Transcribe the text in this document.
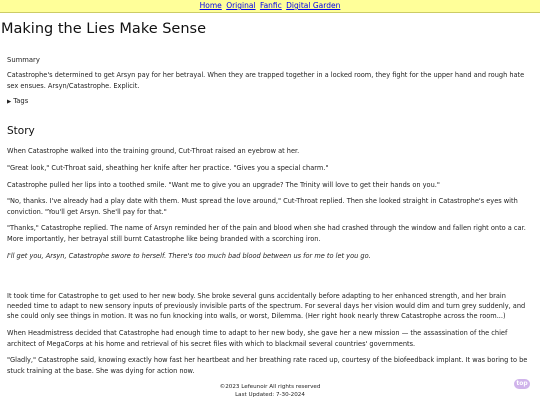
Home Original Fanfic Digital Garden
Making the Lies Make Sense
Summary
Catastrophe's determined to get Arsyn pay for her betrayal. When they are trapped together in a locked room, they fight for the upper hand and rough hate sex ensues. Arsyn/Catastrophe. Explicit.
▶ Tags
Story

When Catastrophe walked into the training ground, Cut-Throat raised an eyebrow at her.

"Great look," Cut-Throat said, sheathing her knife after her practice. "Gives you a special charm."

Catastrophe pulled her lips into a toothed smile. "Want me to give you an upgrade? The Trinity will love to get their hands on you."

"No, thanks. I've already had a play date with them. Must spread the love around," Cut-Throat replied. Then she looked straight in Catastrophe's eyes with conviction. "You'll get Arsyn. She'll pay for that."

"Thanks," Catastrophe replied. The name of Arsyn reminded her of the pain and blood when she had crashed through the window and fallen right onto a car. More importantly, her betrayal still burnt Catastrophe like being branded with a scorching iron.

I'll get you, Arsyn, Catastrophe swore to herself. There's too much bad blood between us for me to let you go.

It took time for Catastrophe to get used to her new body. She broke several guns accidentally before adapting to her enhanced strength, and her brain needed time to adapt to new sensory inputs of previously invisible parts of the spectrum. For several days her vision would dim and turn grey suddenly, and she could only see things in motion. It was no fun knocking into walls, or worst, Dilemma. (Her right hook nearly threw Catastrophe across the room...)

When Headmistress decided that Catastrophe had enough time to adapt to her new body, she gave her a new mission — the assassination of the chief architect of MegaCorps at his home and retrieval of his secret files with which to blackmail several countries' governments.

"Gladly," Catastrophe said, knowing exactly how fast her heartbeat and her breathing rate raced up, courtesy of the biofeedback implant. It was boring to be stuck training at the base. She was dying for action now.

©2023 Lefeunoir All rights reserved
Last Updated: 7-30-2024
top
